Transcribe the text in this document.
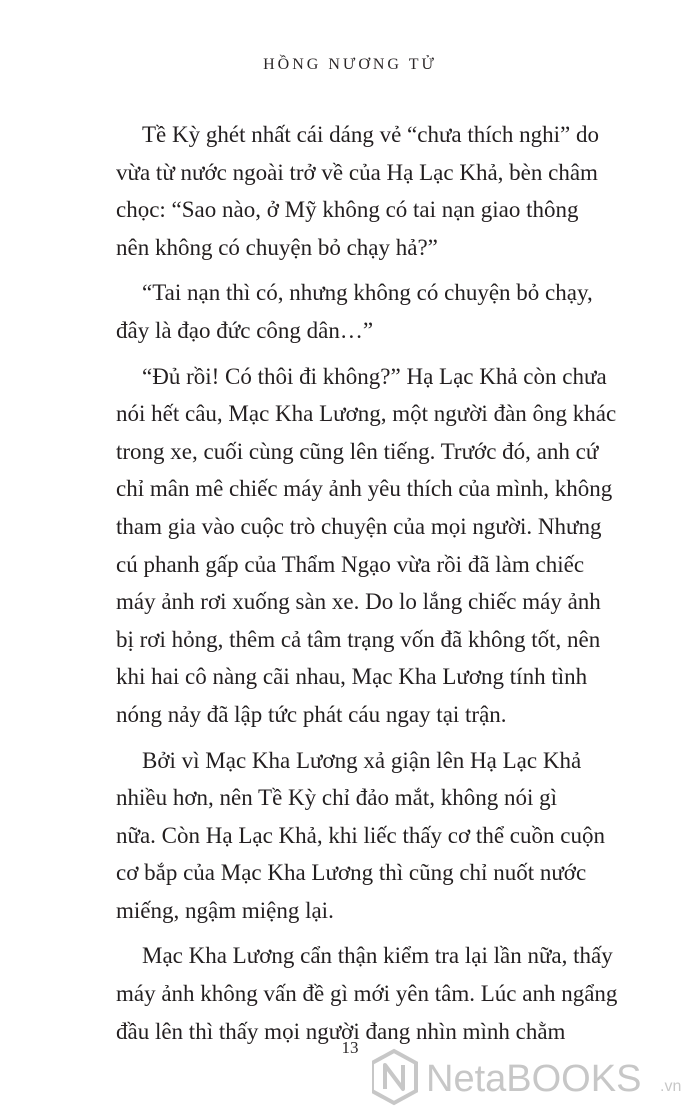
HỒNG NƯƠNG TỬ

Tề Kỳ ghét nhất cái dáng vẻ “chưa thích nghi” do
vừa từ nước ngoài trở về của Hạ Lạc Khả, bèn châm
chọc: “Sao nào, ở Mỹ không có tai nạn giao thông
nên không có chuyện bỏ chạy hả?”

“Tai nạn thì có, nhưng không có chuyện bỏ chạy,
đây là đạo đức công dân…”

“Đủ rồi! Có thôi đi không?” Hạ Lạc Khả còn chưa
nói hết câu, Mạc Kha Lương, một người đàn ông khác
trong xe, cuối cùng cũng lên tiếng. Trước đó, anh cứ
chỉ mân mê chiếc máy ảnh yêu thích của mình, không
tham gia vào cuộc trò chuyện của mọi người. Nhưng
cú phanh gấp của Thẩm Ngạo vừa rồi đã làm chiếc
máy ảnh rơi xuống sàn xe. Do lo lắng chiếc máy ảnh
bị rơi hỏng, thêm cả tâm trạng vốn đã không tốt, nên
khi hai cô nàng cãi nhau, Mạc Kha Lương tính tình
nóng nảy đã lập tức phát cáu ngay tại trận.

Bởi vì Mạc Kha Lương xả giận lên Hạ Lạc Khả
nhiều hơn, nên Tề Kỳ chỉ đảo mắt, không nói gì
nữa. Còn Hạ Lạc Khả, khi liếc thấy cơ thể cuồn cuộn
cơ bắp của Mạc Kha Lương thì cũng chỉ nuốt nước
miếng, ngậm miệng lại.

Mạc Kha Lương cẩn thận kiểm tra lại lần nữa, thấy
máy ảnh không vấn đề gì mới yên tâm. Lúc anh ngẩng
đầu lên thì thấy mọi người đang nhìn mình chằm

13
NetaBOOKS .vn
